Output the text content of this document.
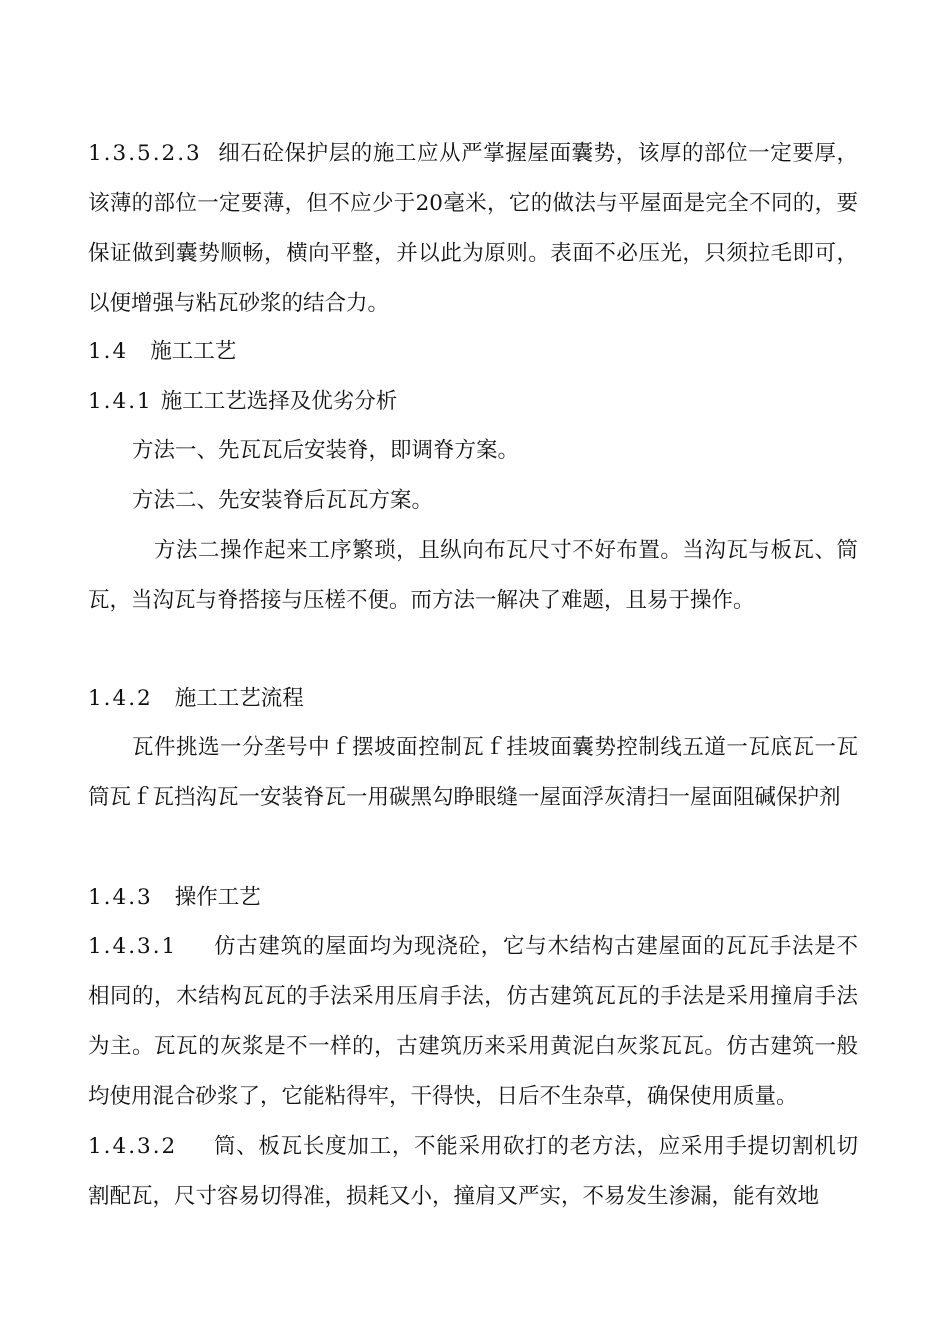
1.3.5.2.3 细石砼保护层的施工应从严掌握屋面囊势，该厚的部位一定要厚，该薄的部位一定要薄，但不应少于20毫米，它的做法与平屋面是完全不同的，要保证做到囊势顺畅，横向平整，并以此为原则。表面不必压光，只须拉毛即可，以便增强与粘瓦砂浆的结合力。

1.4 施工工艺

1.4.1 施工工艺选择及优劣分析

方法一、先瓦瓦后安装脊，即调脊方案。

方法二、先安装脊后瓦瓦方案。

方法二操作起来工序繁琐，且纵向布瓦尺寸不好布置。当沟瓦与板瓦、筒瓦，当沟瓦与脊搭接与压槎不便。而方法一解决了难题，且易于操作。

1.4.2 施工工艺流程

瓦件挑选一分垄号中ｆ摆坡面控制瓦ｆ挂坡面囊势控制线五道一瓦底瓦一瓦筒瓦ｆ瓦挡沟瓦一安装脊瓦一用碳黑勾睁眼缝一屋面浮灰清扫一屋面阻碱保护剂

1.4.3 操作工艺

1.4.3.1 仿古建筑的屋面均为现浇砼，它与木结构古建屋面的瓦瓦手法是不相同的，木结构瓦瓦的手法采用压肩手法，仿古建筑瓦瓦的手法是采用撞肩手法为主。瓦瓦的灰浆是不一样的，古建筑历来采用黄泥白灰浆瓦瓦。仿古建筑一般均使用混合砂浆了，它能粘得牢，干得快，日后不生杂草，确保使用质量。

1.4.3.2 筒、板瓦长度加工，不能采用砍打的老方法，应采用手提切割机切割配瓦，尺寸容易切得准，损耗又小，撞肩又严实，不易发生渗漏，能有效地
